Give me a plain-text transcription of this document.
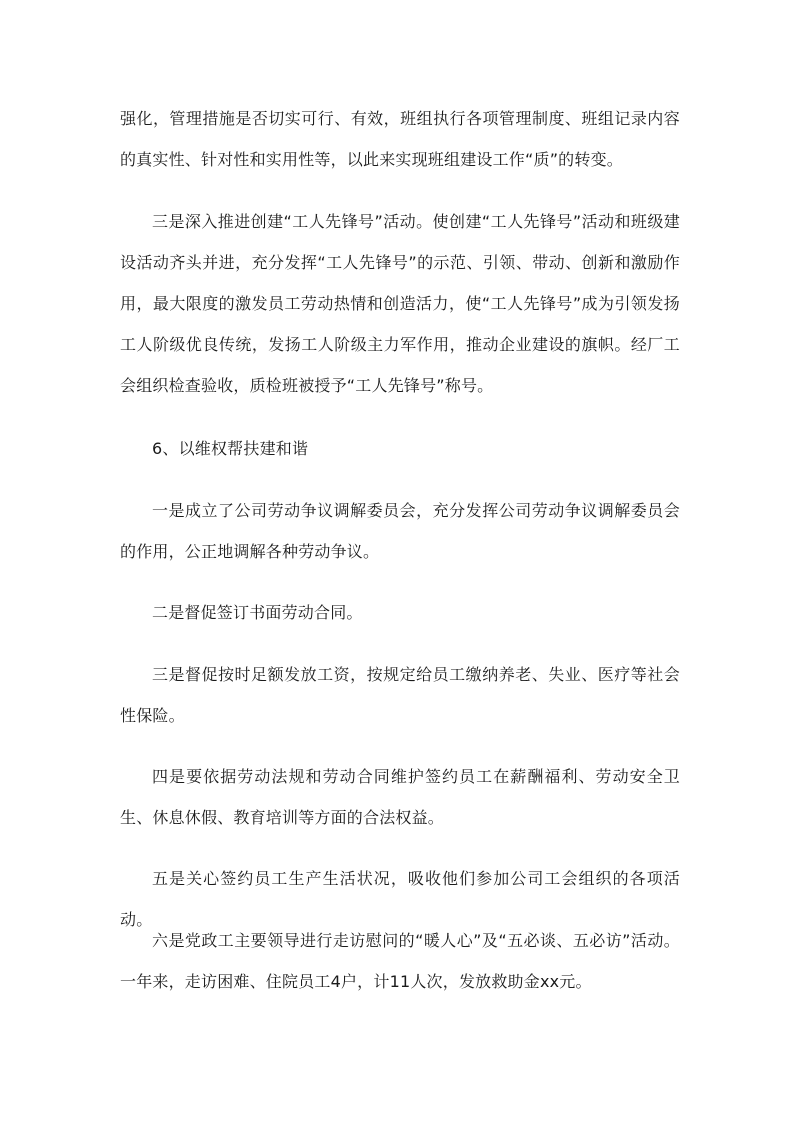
强化，管理措施是否切实可行、有效，班组执行各项管理制度、班组记录内容的真实性、针对性和实用性等，以此来实现班组建设工作“质”的转变。

三是深入推进创建“工人先锋号”活动。使创建“工人先锋号”活动和班级建设活动齐头并进，充分发挥“工人先锋号”的示范、引领、带动、创新和激励作用，最大限度的激发员工劳动热情和创造活力，使“工人先锋号”成为引领发扬工人阶级优良传统，发扬工人阶级主力军作用，推动企业建设的旗帜。经厂工会组织检查验收，质检班被授予“工人先锋号”称号。

6、以维权帮扶建和谐

一是成立了公司劳动争议调解委员会，充分发挥公司劳动争议调解委员会的作用，公正地调解各种劳动争议。

二是督促签订书面劳动合同。

三是督促按时足额发放工资，按规定给员工缴纳养老、失业、医疗等社会性保险。

四是要依据劳动法规和劳动合同维护签约员工在薪酬福利、劳动安全卫生、休息休假、教育培训等方面的合法权益。

五是关心签约员工生产生活状况，吸收他们参加公司工会组织的各项活动。

六是党政工主要领导进行走访慰问的“暖人心”及“五必谈、五必访”活动。一年来，走访困难、住院员工4户，计11人次，发放救助金xx元。
